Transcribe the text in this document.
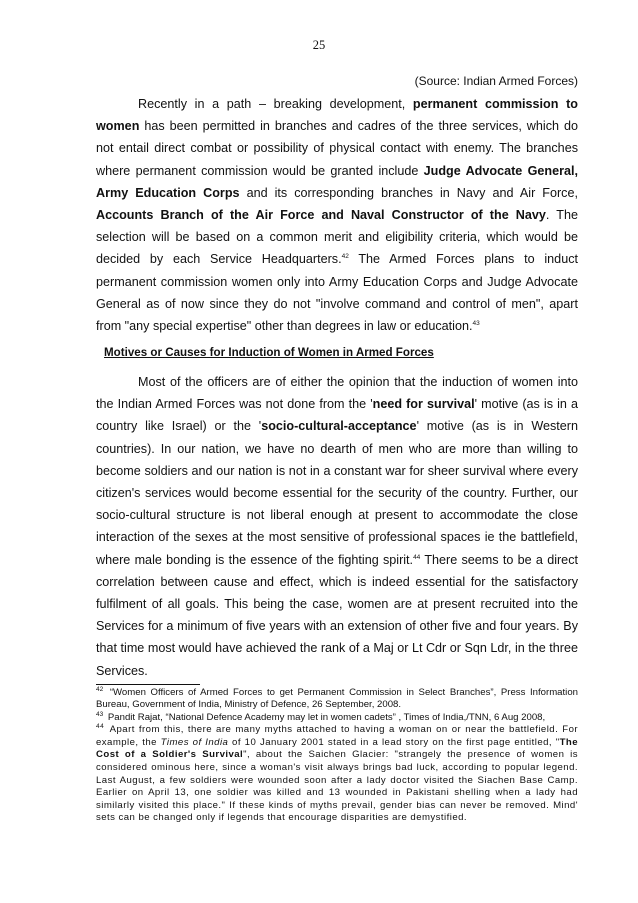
25
(Source: Indian Armed Forces)

Recently in a path – breaking development, permanent commission to women has been permitted in branches and cadres of the three services, which do not entail direct combat or possibility of physical contact with enemy. The branches where permanent commission would be granted include Judge Advocate General, Army Education Corps and its corresponding branches in Navy and Air Force, Accounts Branch of the Air Force and Naval Constructor of the Navy. The selection will be based on a common merit and eligibility criteria, which would be decided by each Service Headquarters.$^{42}$ The Armed Forces plans to induct permanent commission women only into Army Education Corps and Judge Advocate General as of now since they do not "involve command and control of men", apart from "any special expertise" other than degrees in law or education.$^{43}$

Motives or Causes for Induction of Women in Armed Forces

Most of the officers are of either the opinion that the induction of women into the Indian Armed Forces was not done from the 'need for survival' motive (as is in a country like Israel) or the 'socio-cultural-acceptance' motive (as is in Western countries). In our nation, we have no dearth of men who are more than willing to become soldiers and our nation is not in a constant war for sheer survival where every citizen's services would become essential for the security of the country. Further, our socio-cultural structure is not liberal enough at present to accommodate the close interaction of the sexes at the most sensitive of professional spaces ie the battlefield, where male bonding is the essence of the fighting spirit.$^{44}$ There seems to be a direct correlation between cause and effect, which is indeed essential for the satisfactory fulfilment of all goals. This being the case, women are at present recruited into the Services for a minimum of five years with an extension of other five and four years. By that time most would have achieved the rank of a Maj or Lt Cdr or Sqn Ldr, in the three Services.

$^{42}$ “Women Officers of Armed Forces to get Permanent Commission in Select Branches”, Press Information Bureau, Government of India, Ministry of Defence, 26 September, 2008.

$^{43}$ Pandit Rajat, “National Defence Academy may let in women cadets” , Times of India,/TNN, 6 Aug 2008,

$^{44}$ Apart from this, there are many myths attached to having a woman on or near the battlefield. For example, the Times of India of 10 January 2001 stated in a lead story on the first page entitled, "The Cost of a Soldier's Survival", about the Saichen Glacier: "strangely the presence of women is considered ominous here, since a woman's visit always brings bad luck, according to popular legend. Last August, a few soldiers were wounded soon after a lady doctor visited the Siachen Base Camp. Earlier on April 13, one soldier was killed and 13 wounded in Pakistani shelling when a lady had similarly visited this place." If these kinds of myths prevail, gender bias can never be removed. Mind' sets can be changed only if legends that encourage disparities are demystified.
